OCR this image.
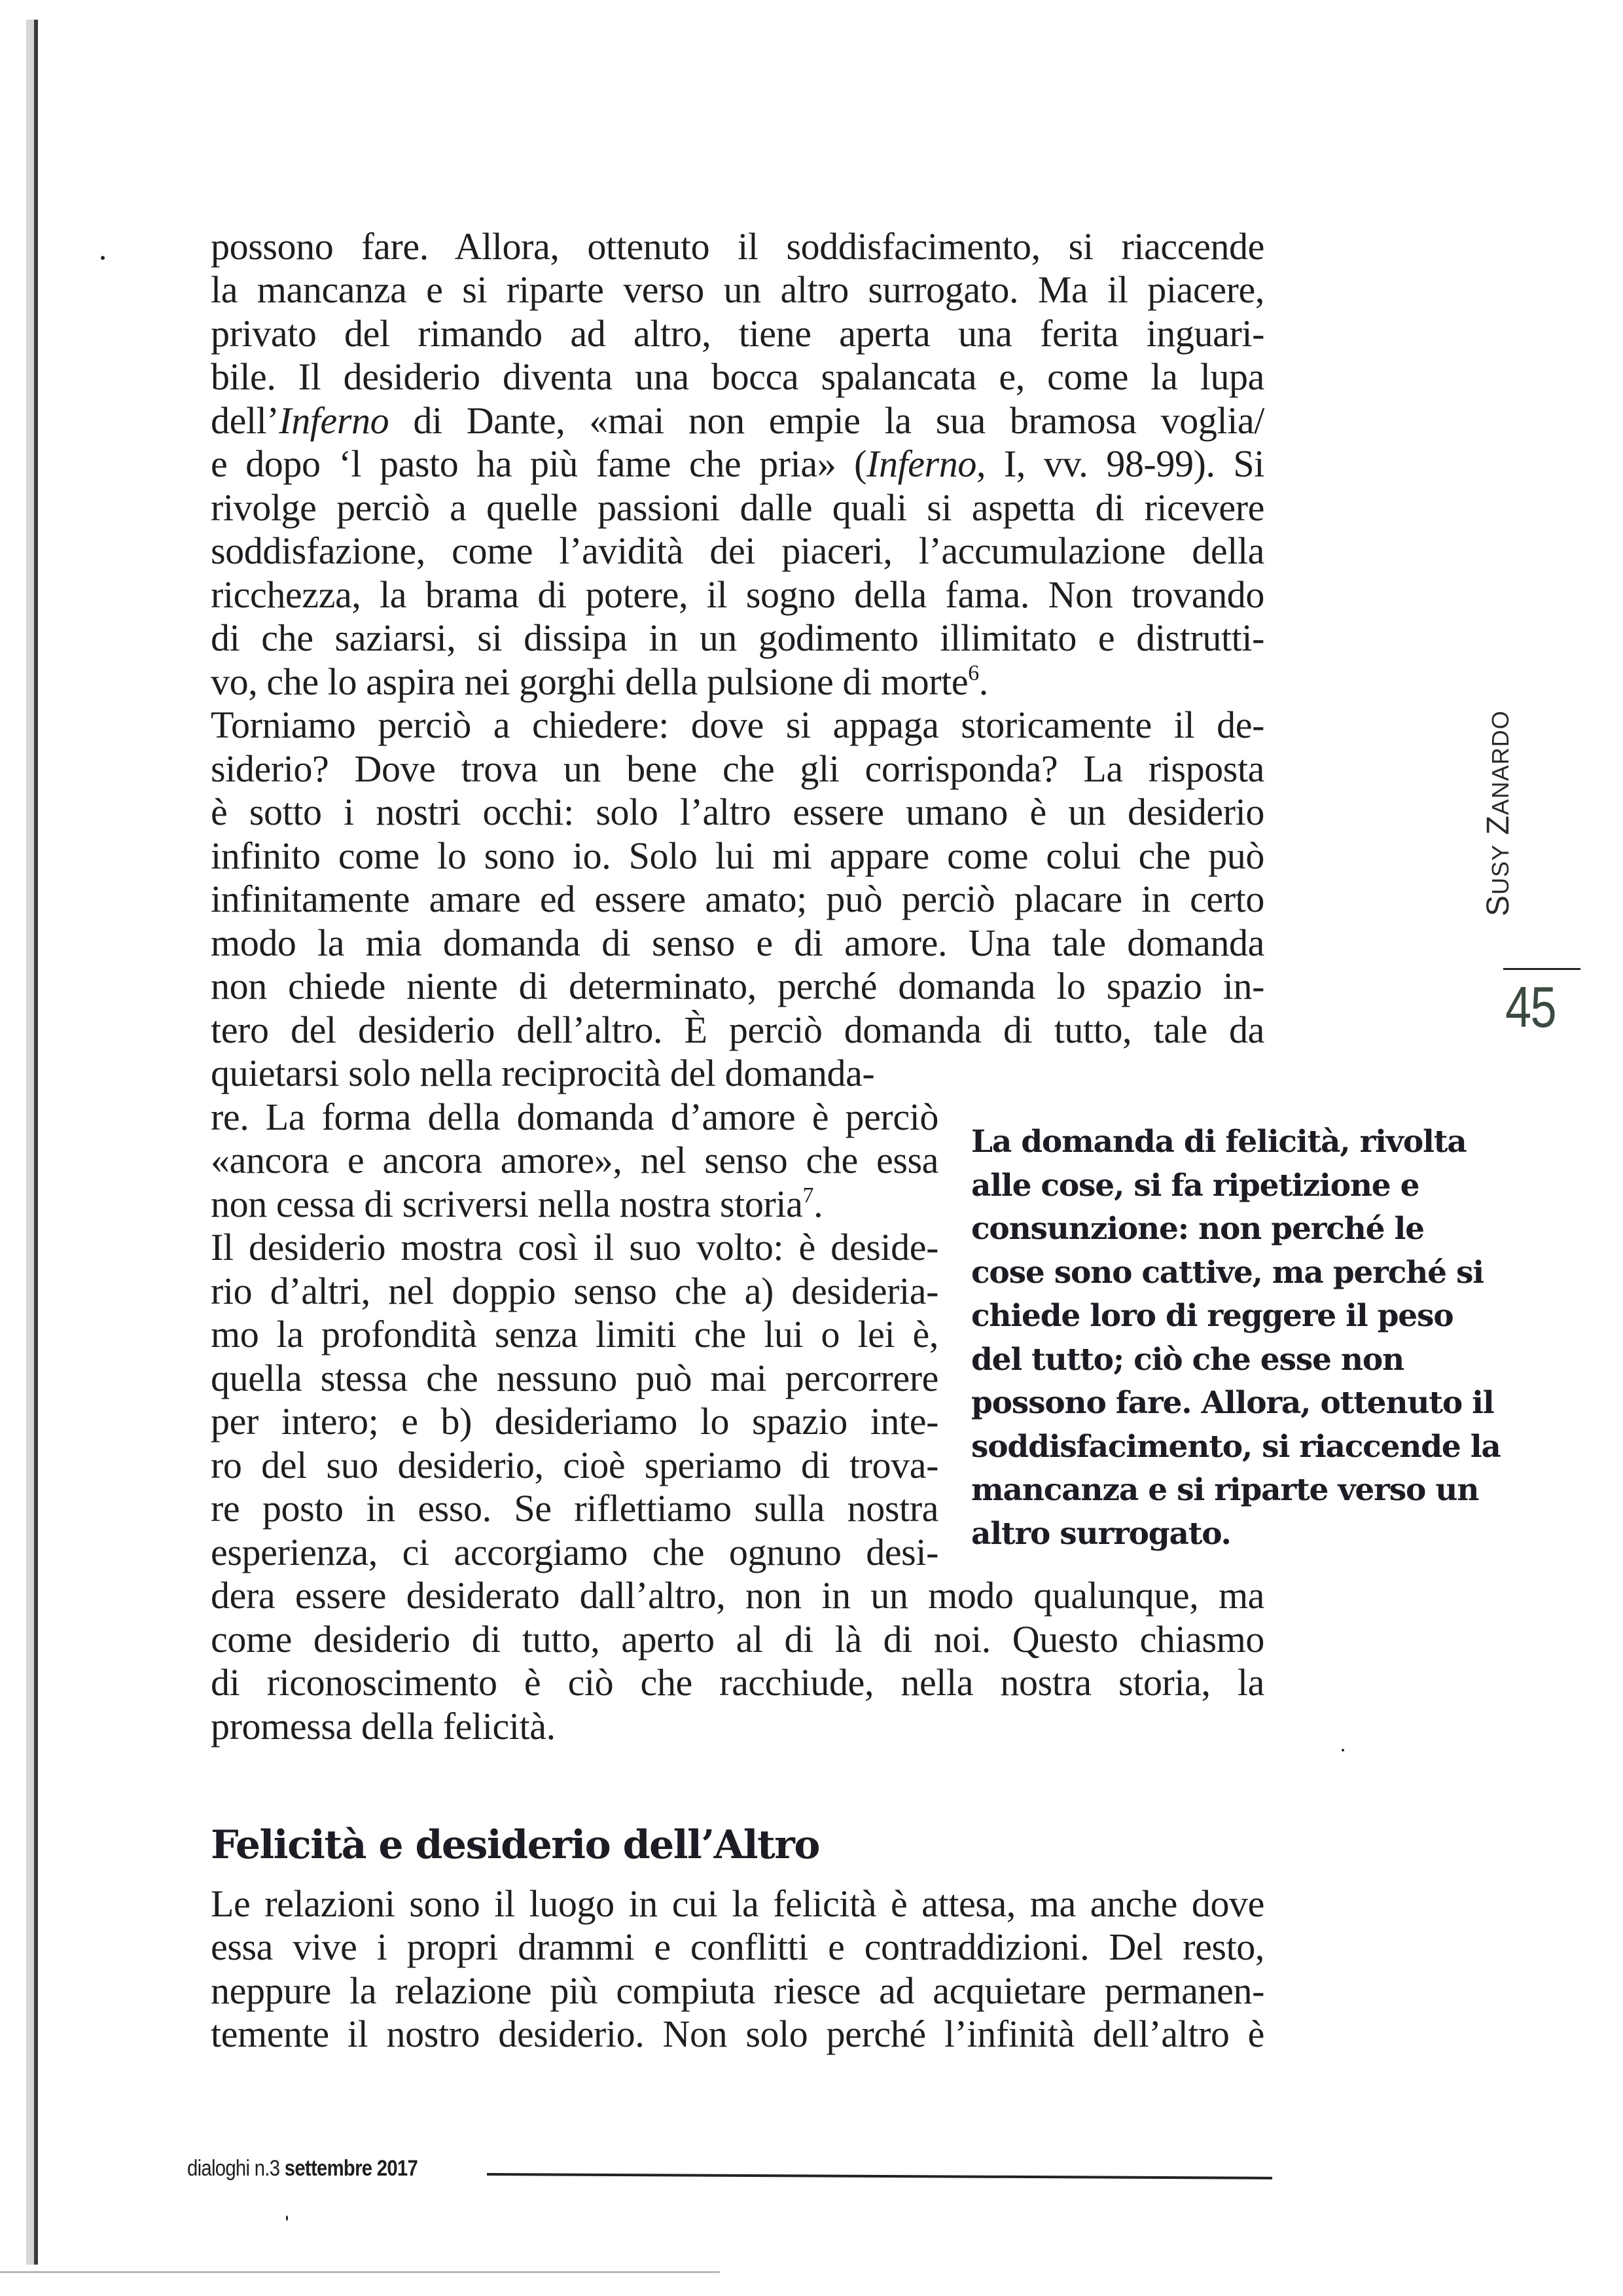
possono fare. Allora, ottenuto il soddisfacimento, si riaccende
la mancanza e si riparte verso un altro surrogato. Ma il piacere,
privato del rimando ad altro, tiene aperta una ferita inguari-
bile. Il desiderio diventa una bocca spalancata e, come la lupa
dell’Inferno di Dante, «mai non empie la sua bramosa voglia/
e dopo ‘l pasto ha più fame che pria» (Inferno, I, vv. 98-99). Si
rivolge perciò a quelle passioni dalle quali si aspetta di ricevere
soddisfazione, come l’avidità dei piaceri, l’accumulazione della
ricchezza, la brama di potere, il sogno della fama. Non trovando
di che saziarsi, si dissipa in un godimento illimitato e distrutti-
vo, che lo aspira nei gorghi della pulsione di morte$^6$.
Torniamo perciò a chiedere: dove si appaga storicamente il de-
siderio? Dove trova un bene che gli corrisponda? La risposta
è sotto i nostri occhi: solo l’altro essere umano è un desiderio
infinito come lo sono io. Solo lui mi appare come colui che può
infinitamente amare ed essere amato; può perciò placare in certo
modo la mia domanda di senso e di amore. Una tale domanda
non chiede niente di determinato, perché domanda lo spazio in-
tero del desiderio dell’altro. È perciò domanda di tutto, tale da
quietarsi solo nella reciprocità del domanda-
re. La forma della domanda d’amore è perciò
«ancora e ancora amore», nel senso che essa
non cessa di scriversi nella nostra storia$^7$.
Il desiderio mostra così il suo volto: è deside-
rio d’altri, nel doppio senso che a) desideria-
mo la profondità senza limiti che lui o lei è,
quella stessa che nessuno può mai percorrere
per intero; e b) desideriamo lo spazio inte-
ro del suo desiderio, cioè speriamo di trova-
re posto in esso. Se riflettiamo sulla nostra
esperienza, ci accorgiamo che ognuno desi-
dera essere desiderato dall’altro, non in un modo qualunque, ma
come desiderio di tutto, aperto al di là di noi. Questo chiasmo
di riconoscimento è ciò che racchiude, nella nostra storia, la
promessa della felicità.
Le relazioni sono il luogo in cui la felicità è attesa, ma anche dove
essa vive i propri drammi e conflitti e contraddizioni. Del resto,
neppure la relazione più compiuta riesce ad acquietare permanen-
temente il nostro desiderio. Non solo perché l’infinità dell’altro è
La domanda di felicità, rivolta
alle cose, si fa ripetizione e
consunzione: non perché le
cose sono cattive, ma perché si
chiede loro di reggere il peso
del tutto; ciò che esse non
possono fare. Allora, ottenuto il
soddisfacimento, si riaccende la
mancanza e si riparte verso un
altro surrogato.
Felicità e desiderio dell’Altro
SUSY ZANARDO
45
dialoghi n.3 settembre 2017
